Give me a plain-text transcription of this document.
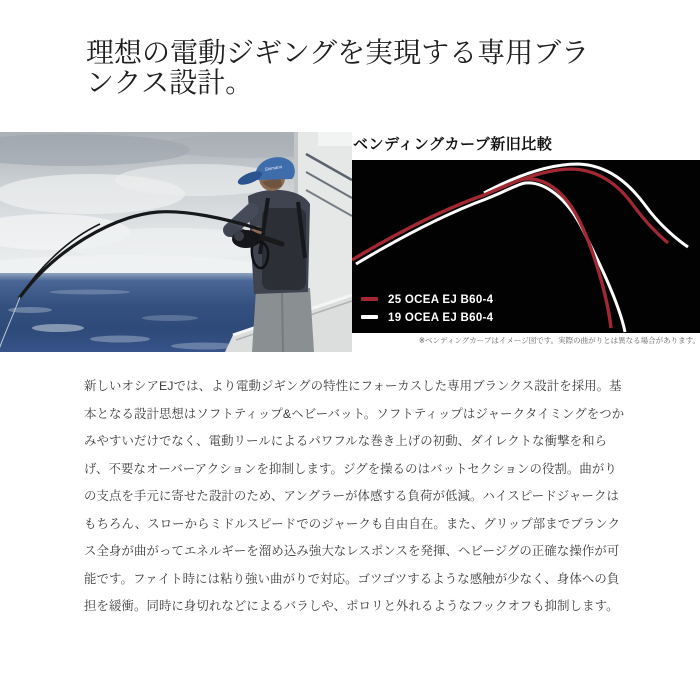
理想の電動ジギングを実現する専用ブランクス設計。
Shimano
ベンディングカーブ新旧比較
25 OCEA EJ B60-4
19 OCEA EJ B60-4
※ベンディングカーブはイメージ図です。実際の曲がりとは異なる場合があります。
新しいオシアEJでは、より電動ジギングの特性にフォーカスした専用ブランクス設計を採用。基本となる設計思想はソフトティップ&ヘビーバット。ソフトティップはジャークタイミングをつかみやすいだけでなく、電動リールによるパワフルな巻き上げの初動、ダイレクトな衝撃を和らげ、不要なオーバーアクションを抑制します。ジグを操るのはバットセクションの役割。曲がりの支点を手元に寄せた設計のため、アングラーが体感する負荷が低減。ハイスピードジャークはもちろん、スローからミドルスピードでのジャークも自由自在。また、グリップ部までブランクス全身が曲がってエネルギーを溜め込み強大なレスポンスを発揮、ヘビージグの正確な操作が可能です。ファイト時には粘り強い曲がりで対応。ゴツゴツするような感触が少なく、身体への負担を緩衝。同時に身切れなどによるバラしや、ポロリと外れるようなフックオフも抑制します。
